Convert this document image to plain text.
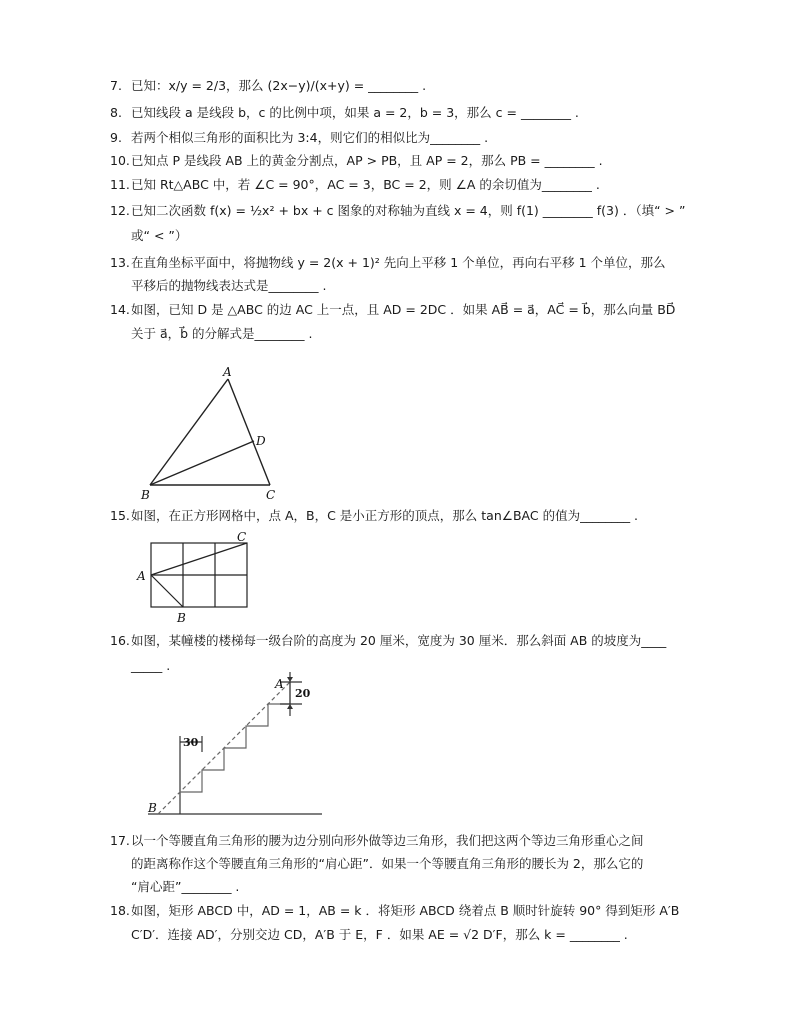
7. 已知：x/y = 2/3，那么 (2x−y)/(x+y) = ________ .
8. 已知线段 a 是线段 b，c 的比例中项，如果 a = 2，b = 3，那么 c = ________ .
9. 若两个相似三角形的面积比为 3:4，则它们的相似比为________ .
10. 已知点 P 是线段 AB 上的黄金分割点，AP > PB，且 AP = 2，那么 PB = ________ .
11. 已知 Rt△ABC 中，若 ∠C = 90°，AC = 3，BC = 2，则 ∠A 的余切值为________ .
12. 已知二次函数 f(x) = ½x² + bx + c 图象的对称轴为直线 x = 4，则 f(1) ________ f(3) ．（填“ > ”
或“ < ”）
13. 在直角坐标平面中，将抛物线 y = 2(x + 1)² 先向上平移 1 个单位，再向右平移 1 个单位，那么
平移后的抛物线表达式是________ .
14. 如图，已知 D 是 △ABC 的边 AC 上一点，且 AD = 2DC ．如果 AB⃗ = a⃗，AC⃗ = b⃗，那么向量 BD⃗
关于 a⃗，b⃗ 的分解式是________ .
A
B	C
D
15. 如图，在正方形网格中，点 A，B，C 是小正方形的顶点，那么 tan∠BAC 的值为________ .
A
B
C
16. 如图，某幢楼的楼梯每一级台阶的高度为 20 厘米，宽度为 30 厘米．那么斜面 AB 的坡度为____
_____ .
30
20
A
B
17. 以一个等腰直角三角形的腰为边分别向形外做等边三角形，我们把这两个等边三角形重心之间
的距离称作这个等腰直角三角形的“肩心距”．如果一个等腰直角三角形的腰长为 2，那么它的
“肩心距”________ .
18. 如图，矩形 ABCD 中，AD = 1，AB = k ．将矩形 ABCD 绕着点 B 顺时针旋转 90° 得到矩形 A′B
C′D′．连接 AD′，分别交边 CD，A′B 于 E，F ．如果 AE = √2 D′F，那么 k = ________ .
